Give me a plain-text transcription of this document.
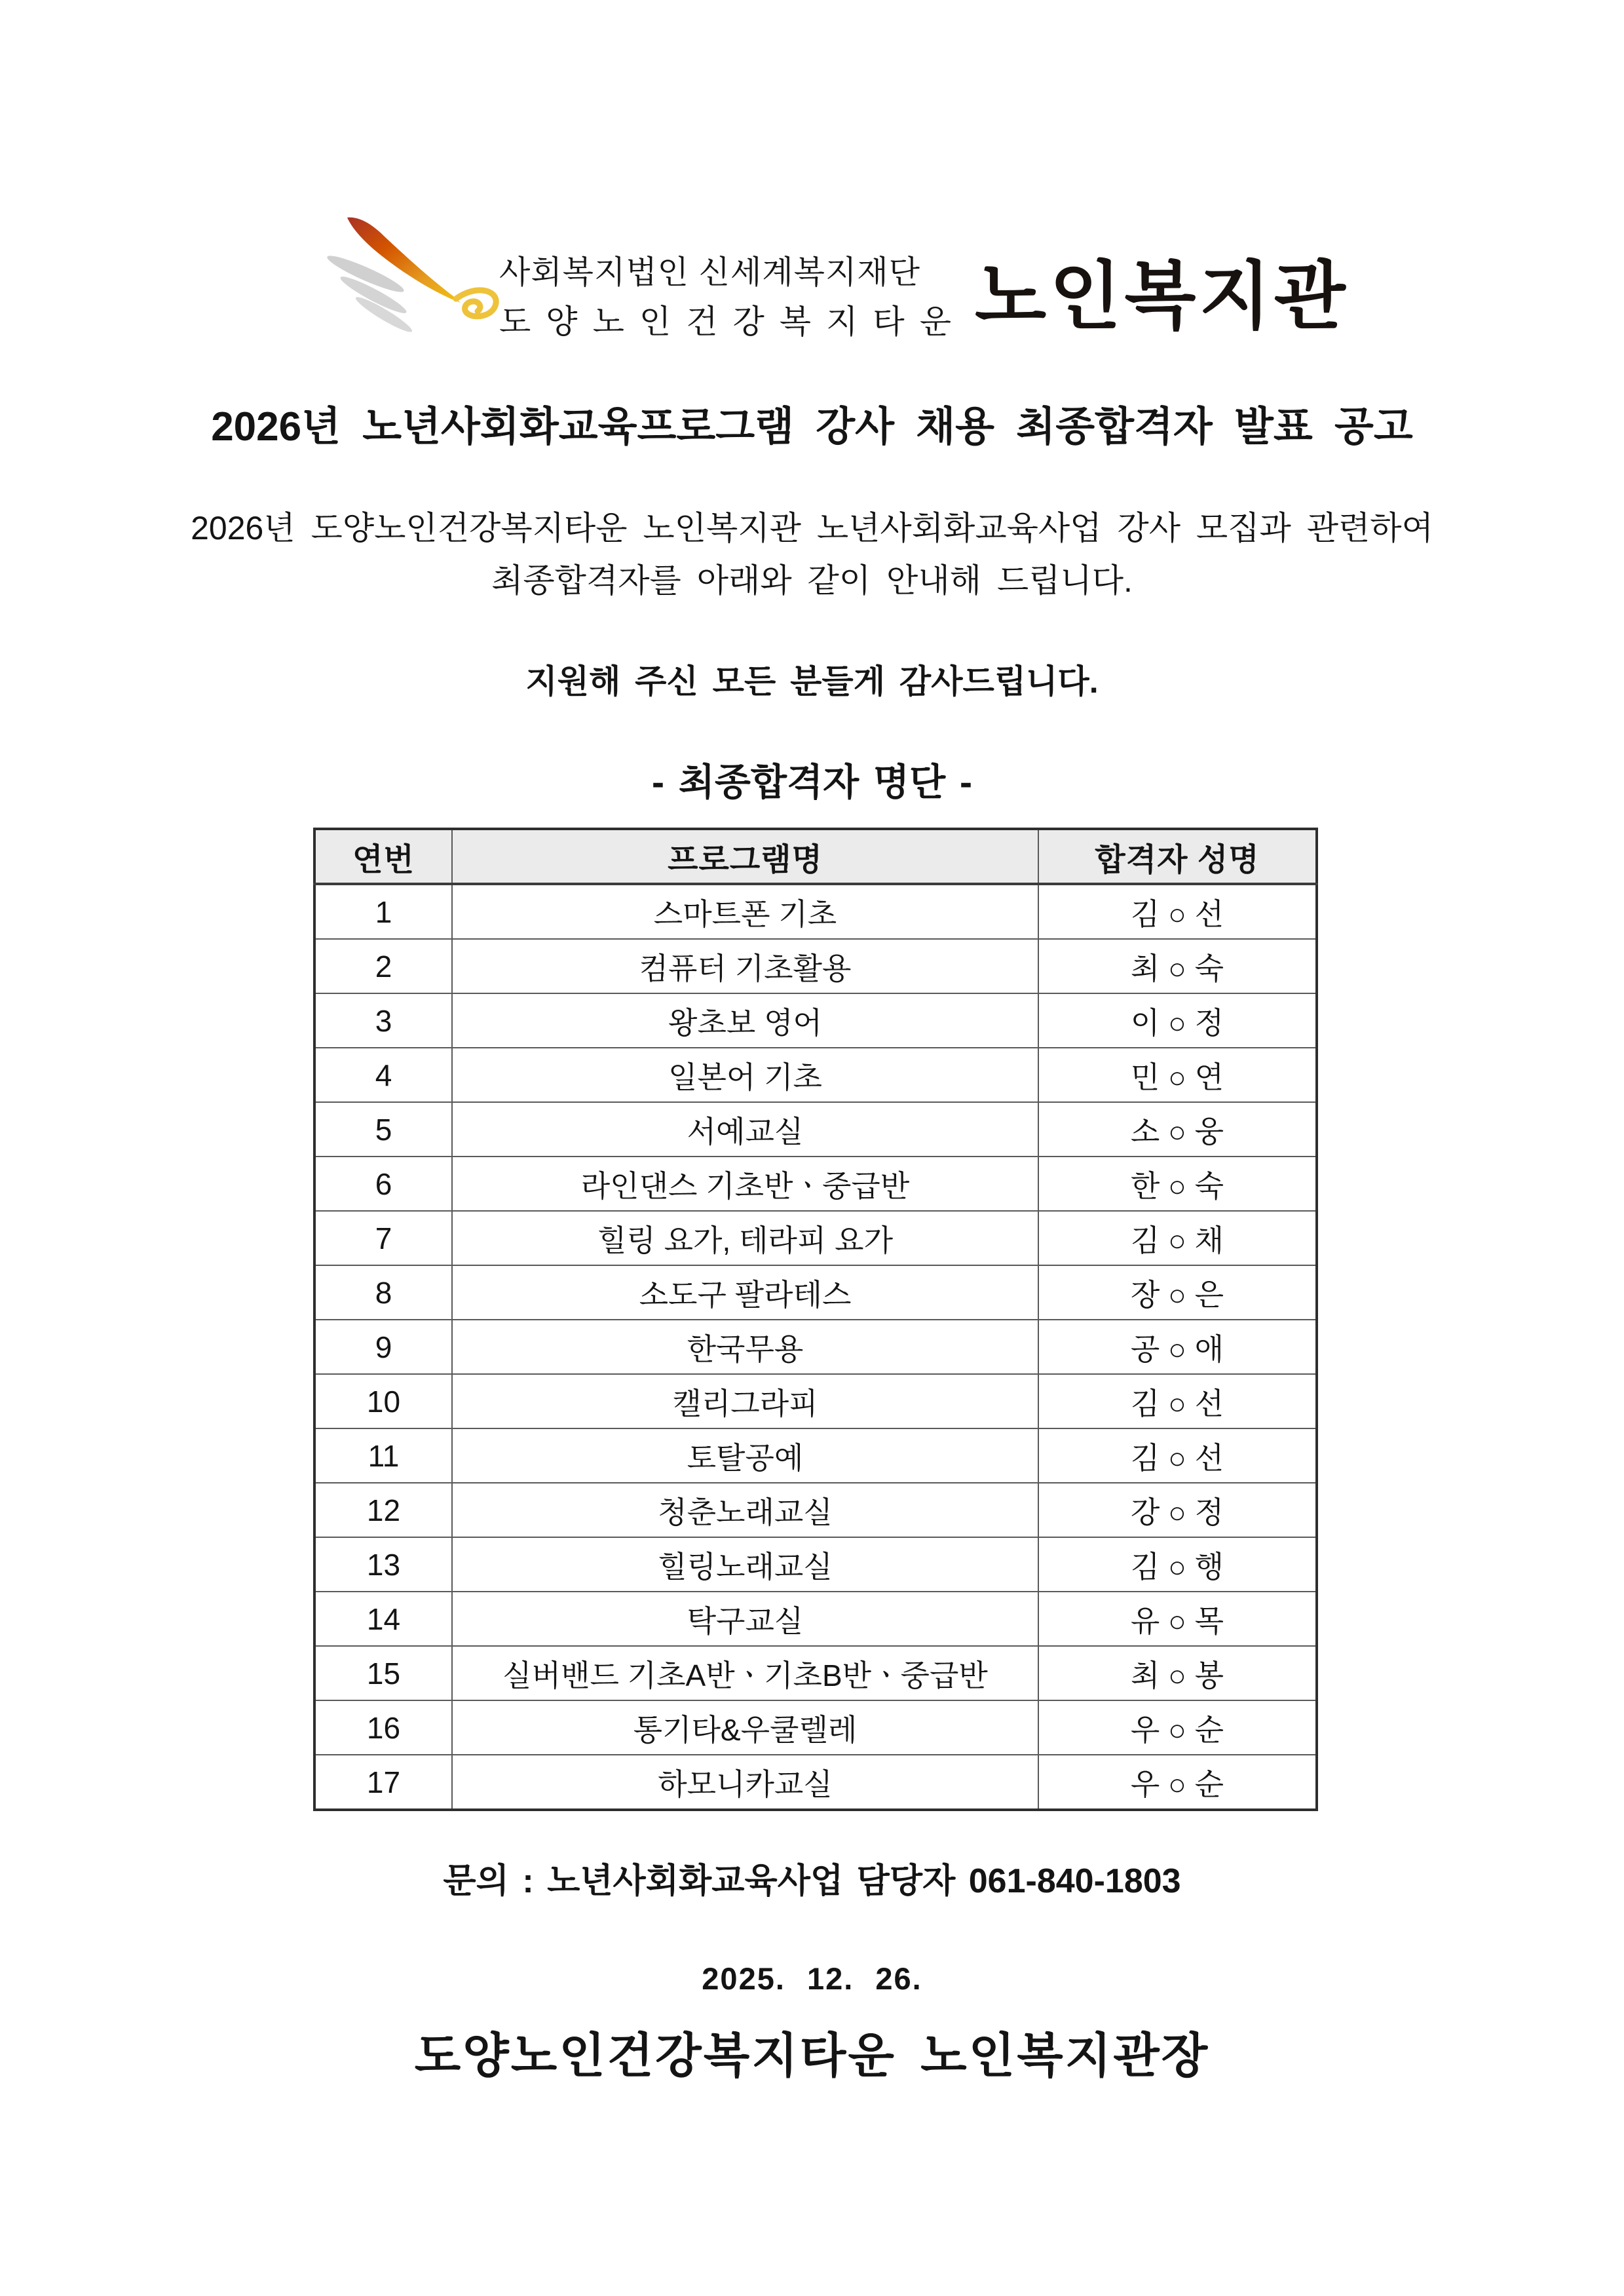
사회복지법인 신세계복지재단
도양노인건강복지타운 노인복지관
2026년 노년사회화교육프로그램 강사 채용 최종합격자 발표 공고
2026년 도양노인건강복지타운 노인복지관 노년사회화교육사업 강사 모집과 관련하여
최종합격자를 아래와 같이 안내해 드립니다.
지원해 주신 모든 분들게 감사드립니다.
- 최종합격자 명단 -
연번	프로그램명	합격자 성명
1	스마트폰 기초	김 ○ 선
2	컴퓨터 기초활용	최 ○ 숙
3	왕초보 영어	이 ○ 정
4	일본어 기초	민 ○ 연
5	서예교실	소 ○ 웅
6	라인댄스 기초반ㆍ중급반	한 ○ 숙
7	힐링 요가, 테라피 요가	김 ○ 채
8	소도구 팔라테스	장 ○ 은
9	한국무용	공 ○ 애
10	캘리그라피	김 ○ 선
11	토탈공예	김 ○ 선
12	청춘노래교실	강 ○ 정
13	힐링노래교실	김 ○ 행
14	탁구교실	유 ○ 목
15	실버밴드 기초A반ㆍ기초B반ㆍ중급반	최 ○ 봉
16	통기타&우쿨렐레	우 ○ 순
17	하모니카교실	우 ○ 순
문의 : 노년사회화교육사업 담당자 061-840-1803
2025. 12. 26.
도양노인건강복지타운 노인복지관장
